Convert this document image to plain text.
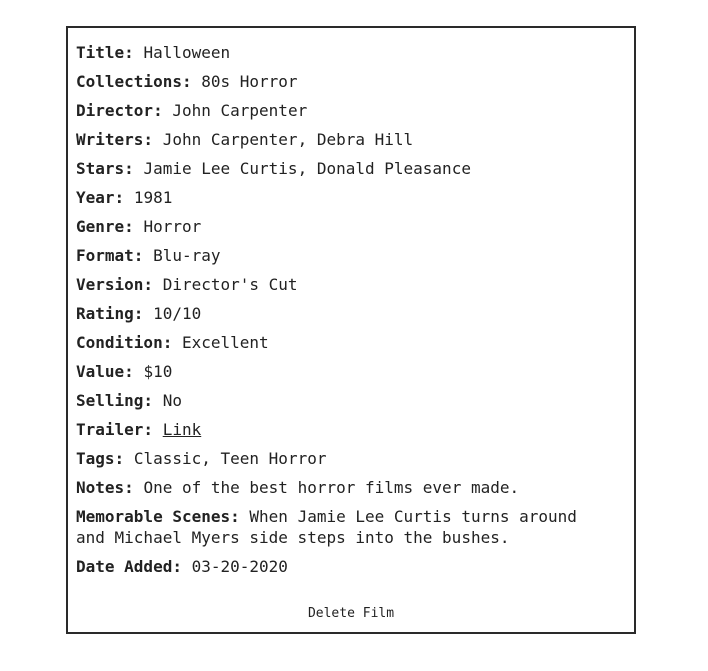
Title: Halloween
Collections: 80s Horror
Director: John Carpenter
Writers: John Carpenter, Debra Hill
Stars: Jamie Lee Curtis, Donald Pleasance
Year: 1981
Genre: Horror
Format: Blu-ray
Version: Director's Cut
Rating: 10/10
Condition: Excellent
Value: $10
Selling: No
Trailer: Link
Tags: Classic, Teen Horror
Notes: One of the best horror films ever made.
Memorable Scenes: When Jamie Lee Curtis turns around and Michael Myers side steps into the bushes.
Date Added: 03-20-2020
Delete Film
